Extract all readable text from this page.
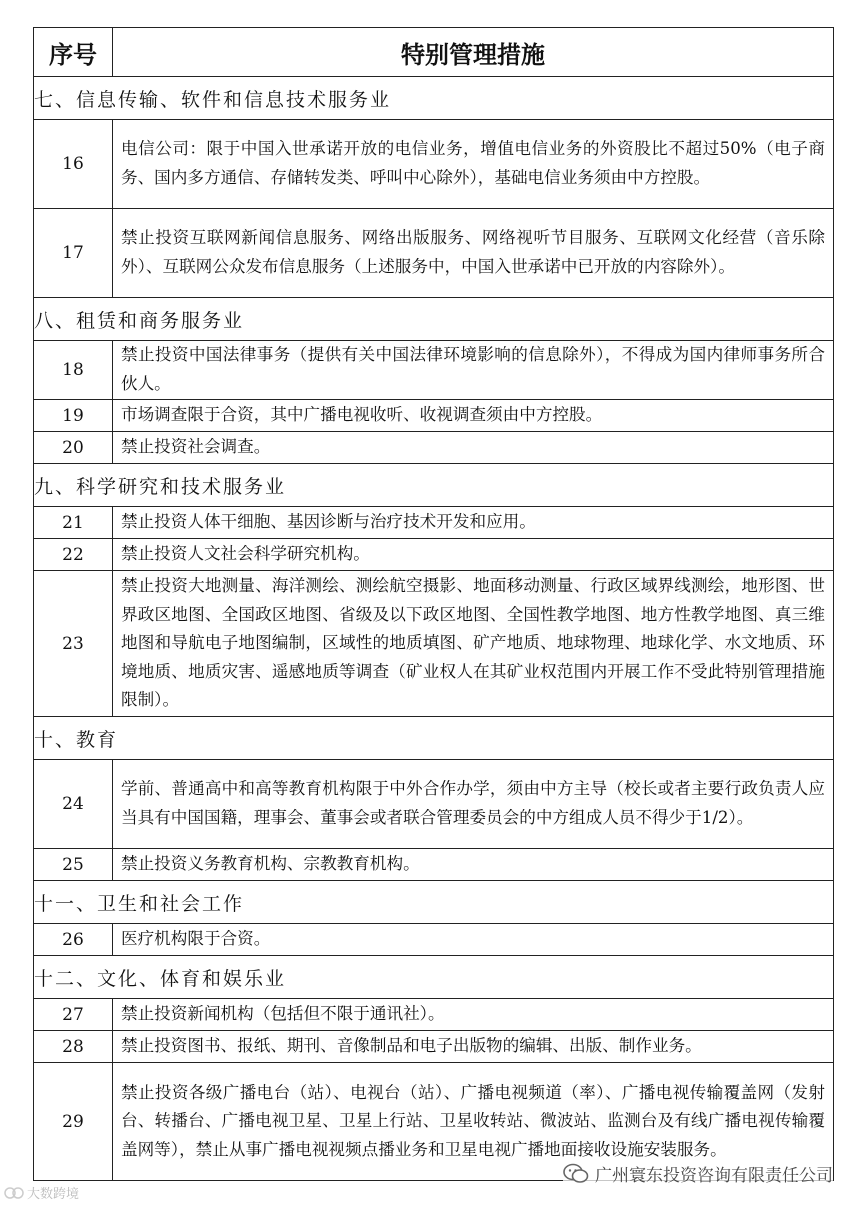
序号	特别管理措施
七、信息传输、软件和信息技术服务业	
16	电信公司：限于中国入世承诺开放的电信业务，增值电信业务的外资股比不超过50%（电子商务、国内多方通信、存储转发类、呼叫中心除外），基础电信业务须由中方控股。
17	禁止投资互联网新闻信息服务、网络出版服务、网络视听节目服务、互联网文化经营（音乐除外）、互联网公众发布信息服务（上述服务中，中国入世承诺中已开放的内容除外）。
八、租赁和商务服务业	
18	禁止投资中国法律事务（提供有关中国法律环境影响的信息除外），不得成为国内律师事务所合伙人。
19	市场调查限于合资，其中广播电视收听、收视调查须由中方控股。
20	禁止投资社会调查。
九、科学研究和技术服务业	
21	禁止投资人体干细胞、基因诊断与治疗技术开发和应用。
22	禁止投资人文社会科学研究机构。
23	禁止投资大地测量、海洋测绘、测绘航空摄影、地面移动测量、行政区域界线测绘，地形图、世界政区地图、全国政区地图、省级及以下政区地图、全国性教学地图、地方性教学地图、真三维地图和导航电子地图编制，区域性的地质填图、矿产地质、地球物理、地球化学、水文地质、环境地质、地质灾害、遥感地质等调查（矿业权人在其矿业权范围内开展工作不受此特别管理措施限制）。
十、教育	
24	学前、普通高中和高等教育机构限于中外合作办学，须由中方主导（校长或者主要行政负责人应当具有中国国籍，理事会、董事会或者联合管理委员会的中方组成人员不得少于1/2）。
25	禁止投资义务教育机构、宗教教育机构。
十一、卫生和社会工作	
26	医疗机构限于合资。
十二、文化、体育和娱乐业	
27	禁止投资新闻机构（包括但不限于通讯社）。
28	禁止投资图书、报纸、期刊、音像制品和电子出版物的编辑、出版、制作业务。
29	禁止投资各级广播电台（站）、电视台（站）、广播电视频道（率）、广播电视传输覆盖网（发射台、转播台、广播电视卫星、卫星上行站、卫星收转站、微波站、监测台及有线广播电视传输覆盖网等），禁止从事广播电视视频点播业务和卫星电视广播地面接收设施安装服务。
广州寰东投资咨询有限责任公司
大数跨境
